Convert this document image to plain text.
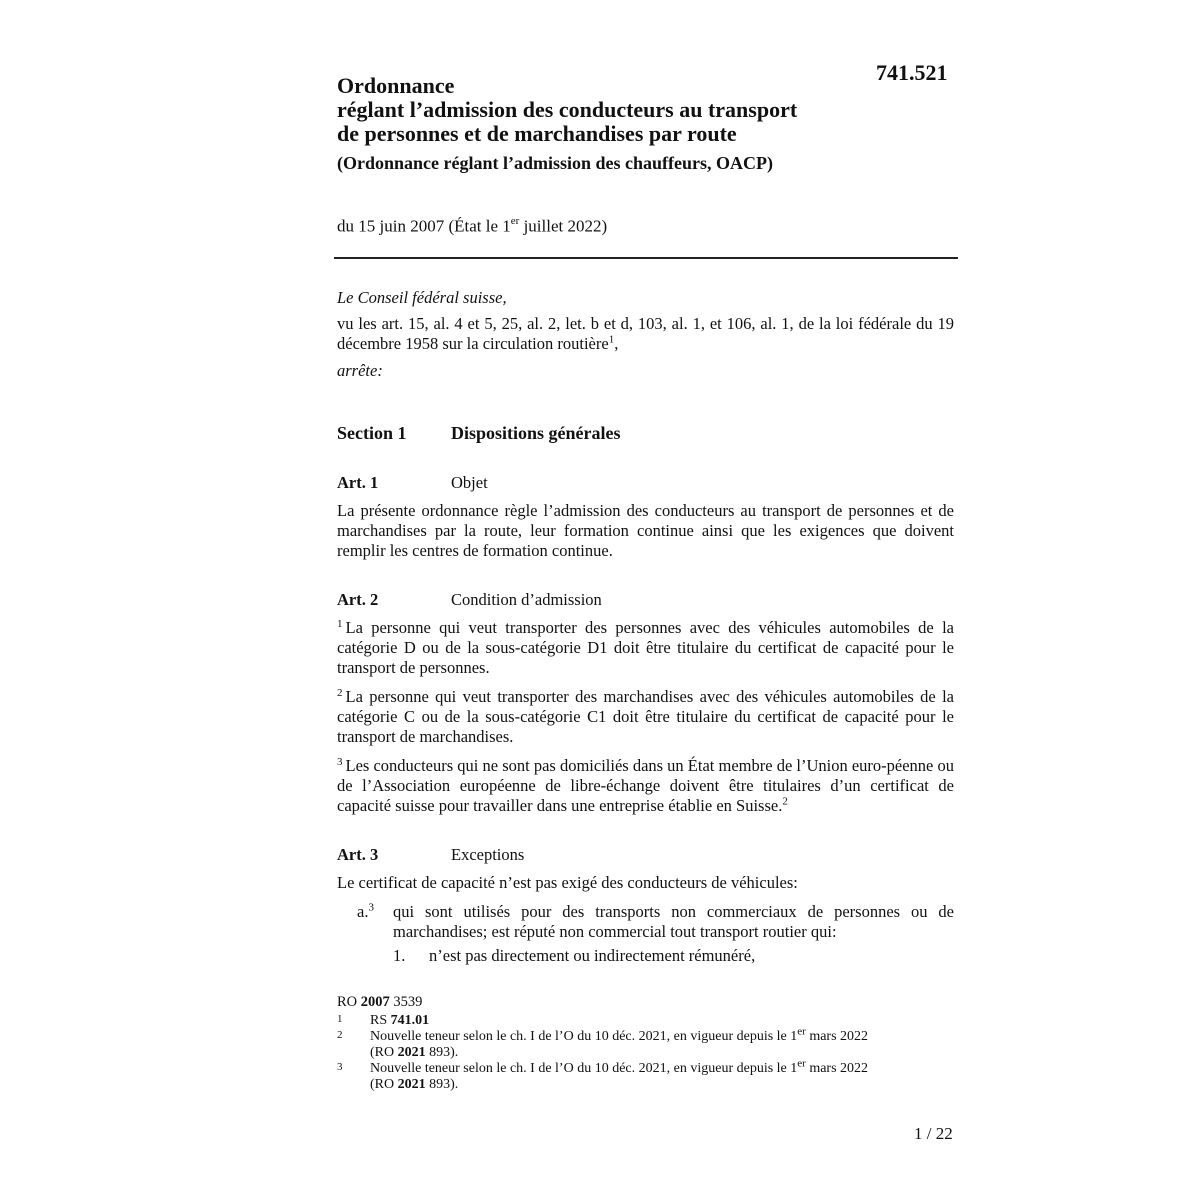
741.521
Ordonnance
réglant l’admission des conducteurs au transport
de personnes et de marchandises par route
(Ordonnance réglant l’admission des chauffeurs, OACP)
du 15 juin 2007 (État le 1er juillet 2022)
Le Conseil fédéral suisse,
vu les art. 15, al. 4 et 5, 25, al. 2, let. b et d, 103, al. 1, et 106, al. 1, de la loi fédérale du 19 décembre 1958 sur la circulation routière$^1$,
arrête:
Section 1 Dispositions générales
Art. 1	Objet
La présente ordonnance règle l’admission des conducteurs au transport de personnes et de marchandises par la route, leur formation continue ainsi que les exigences que doivent remplir les centres de formation continue.
Art. 2	Condition d’admission
$^1$ La personne qui veut transporter des personnes avec des véhicules automobiles de la catégorie D ou de la sous-catégorie D1 doit être titulaire du certificat de capacité pour le transport de personnes.
$^2$ La personne qui veut transporter des marchandises avec des véhicules automobiles de la catégorie C ou de la sous-catégorie C1 doit être titulaire du certificat de capacité pour le transport de marchandises.
$^3$ Les conducteurs qui ne sont pas domiciliés dans un État membre de l’Union euro-péenne ou de l’Association européenne de libre-échange doivent être titulaires d’un certificat de capacité suisse pour travailler dans une entreprise établie en Suisse.$^2$
Art. 3	Exceptions
Le certificat de capacité n’est pas exigé des conducteurs de véhicules:
a.$^3$ qui sont utilisés pour des transports non commerciaux de personnes ou de marchandises; est réputé non commercial tout transport routier qui:
1. n’est pas directement ou indirectement rémunéré,
RO 2007 3539
1 RS 741.01
2 Nouvelle teneur selon le ch. I de l’O du 10 déc. 2021, en vigueur depuis le 1er mars 2022
(RO 2021 893).
3 Nouvelle teneur selon le ch. I de l’O du 10 déc. 2021, en vigueur depuis le 1er mars 2022
(RO 2021 893).
1 / 22
